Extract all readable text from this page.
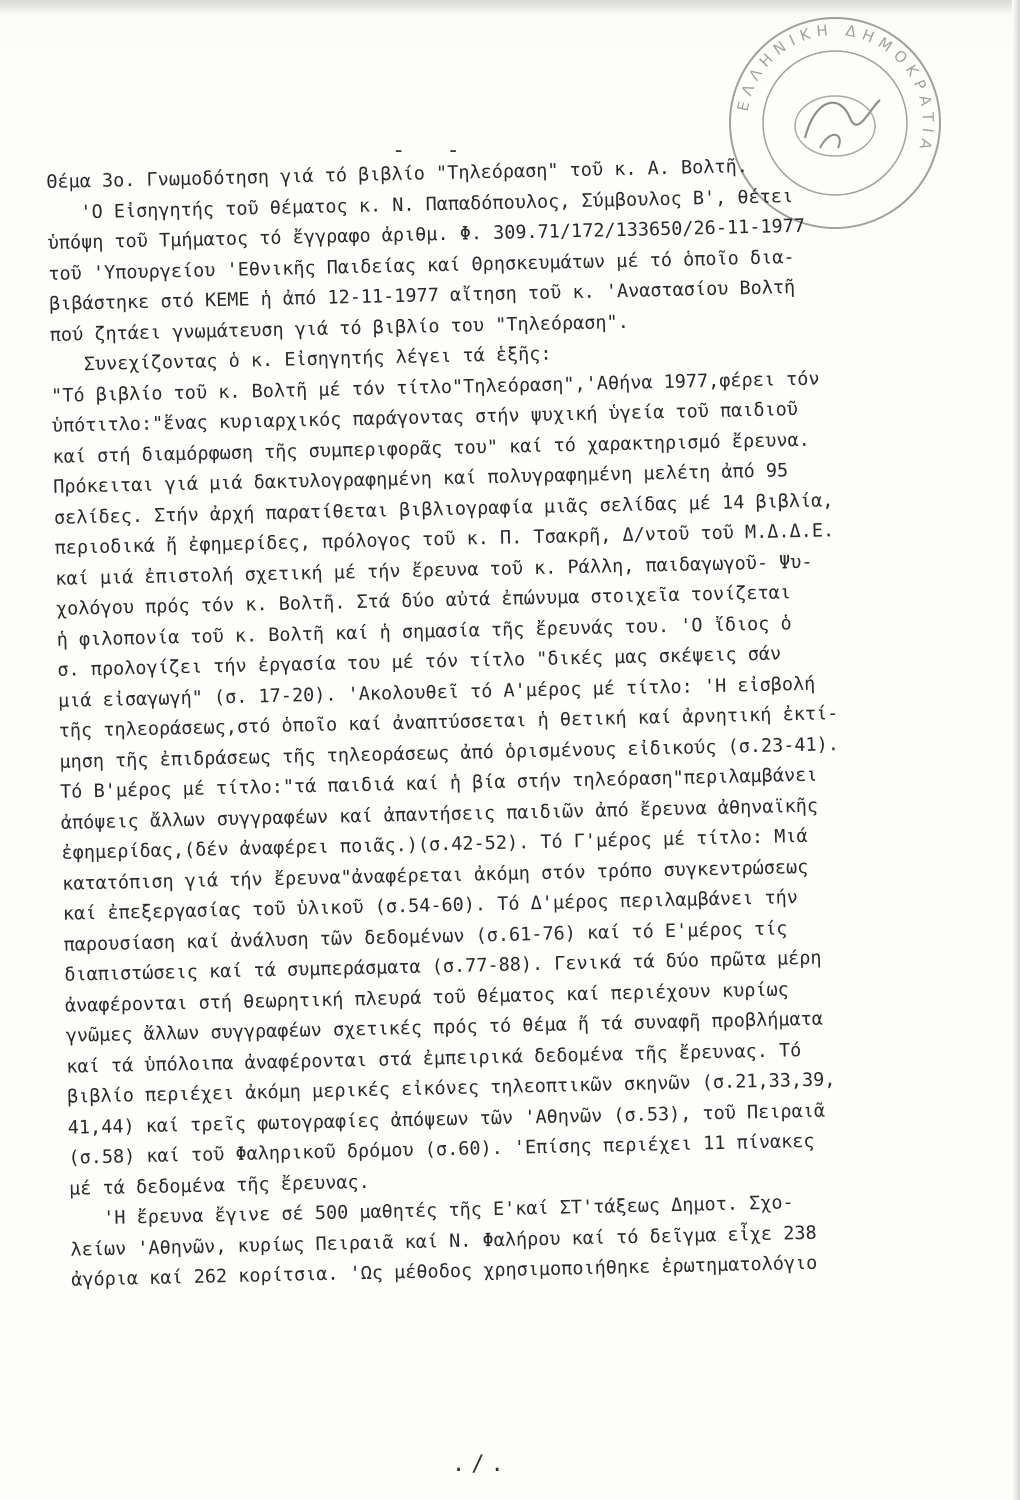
ΕΛΛΗΝΙΚΗ ΔΗΜΟΚΡΑΤΙΑ
- -
Θέμα 3ο. Γνωμοδότηση γιά τό βιβλίο "Τηλεόραση" τοῦ κ. Α. Βολτῆ.
'Ο Εἰσηγητής τοῦ θέματος κ. Ν. Παπαδόπουλος, Σύμβουλος Β', θέτει
ὑπόψη τοῦ Τμήματος τό ἔγγραφο ἀριθμ. Φ. 309.71/172/133650/26-11-1977
τοῦ 'Υπουργείου 'Εθνικῆς Παιδείας καί Θρησκευμάτων μέ τό ὁποῖο δια-
βιβάστηκε στό ΚΕΜΕ ἡ ἀπό 12-11-1977 αἴτηση τοῦ κ. 'Αναστασίου Βολτῆ
πού ζητάει γνωμάτευση γιά τό βιβλίο του "Τηλεόραση".
Συνεχίζοντας ὁ κ. Εἰσηγητής λέγει τά ἑξῆς:
"Τό βιβλίο τοῦ κ. Βολτῆ μέ τόν τίτλο"Τηλεόραση",'Αθήνα 1977,φέρει τόν
ὑπότιτλο:"ἕνας κυριαρχικός παράγοντας στήν ψυχική ὑγεία τοῦ παιδιοῦ
καί στή διαμόρφωση τῆς συμπεριφορᾶς του" καί τό χαρακτηρισμό ἔρευνα.
Πρόκειται γιά μιά δακτυλογραφημένη καί πολυγραφημένη μελέτη ἀπό 95
σελίδες. Στήν ἀρχή παρατίθεται βιβλιογραφία μιᾶς σελίδας μέ 14 βιβλία,
περιοδικά ἤ ἐφημερίδες, πρόλογος τοῦ κ. Π. Τσακρῆ, Δ/ντοῦ τοῦ Μ.Δ.Δ.Ε.
καί μιά ἐπιστολή σχετική μέ τήν ἔρευνα τοῦ κ. Ράλλη, παιδαγωγοῦ- Ψυ-
χολόγου πρός τόν κ. Βολτῆ. Στά δύο αὐτά ἐπώνυμα στοιχεῖα τονίζεται
ἡ φιλοπονία τοῦ κ. Βολτῆ καί ἡ σημασία τῆς ἔρευνάς του. 'Ο ἴδιος ὁ
σ. προλογίζει τήν ἐργασία του μέ τόν τίτλο "δικές μας σκέψεις σάν
μιά εἰσαγωγή" (σ. 17-20). 'Ακολουθεῖ τό Α'μέρος μέ τίτλο: 'Η εἰσβολή
τῆς τηλεοράσεως,στό ὁποῖο καί ἀναπτύσσεται ἡ θετική καί ἀρνητική ἐκτί-
μηση τῆς ἐπιδράσεως τῆς τηλεοράσεως ἀπό ὁρισμένους εἰδικούς (σ.23-41).
Τό Β'μέρος μέ τίτλο:"τά παιδιά καί ἡ βία στήν τηλεόραση"περιλαμβάνει
ἀπόψεις ἄλλων συγγραφέων καί ἀπαντήσεις παιδιῶν ἀπό ἔρευνα ἀθηναϊκῆς
ἐφημερίδας,(δέν ἀναφέρει ποιᾶς.)(σ.42-52). Τό Γ'μέρος μέ τίτλο: Μιά
κατατόπιση γιά τήν ἔρευνα"ἀναφέρεται ἀκόμη στόν τρόπο συγκεντρώσεως
καί ἐπεξεργασίας τοῦ ὑλικοῦ (σ.54-60). Τό Δ'μέρος περιλαμβάνει τήν
παρουσίαση καί ἀνάλυση τῶν δεδομένων (σ.61-76) καί τό Ε'μέρος τίς
διαπιστώσεις καί τά συμπεράσματα (σ.77-88). Γενικά τά δύο πρῶτα μέρη
ἀναφέρονται στή θεωρητική πλευρά τοῦ θέματος καί περιέχουν κυρίως
γνῶμες ἄλλων συγγραφέων σχετικές πρός τό θέμα ἤ τά συναφῆ προβλήματα
καί τά ὑπόλοιπα ἀναφέρονται στά ἐμπειρικά δεδομένα τῆς ἔρευνας. Τό
βιβλίο περιέχει ἀκόμη μερικές εἰκόνες τηλεοπτικῶν σκηνῶν (σ.21,33,39,
41,44) καί τρεῖς φωτογραφίες ἀπόψεων τῶν 'Αθηνῶν (σ.53), τοῦ Πειραιᾶ
(σ.58) καί τοῦ Φαληρικοῦ δρόμου (σ.60). 'Επίσης περιέχει 11 πίνακες
μέ τά δεδομένα τῆς ἔρευνας.
'Η ἔρευνα ἔγινε σέ 500 μαθητές τῆς Ε'καί ΣΤ'τάξεως Δημοτ. Σχο-
λείων 'Αθηνῶν, κυρίως Πειραιᾶ καί Ν. Φαλήρου καί τό δεῖγμα εἶχε 238
ἀγόρια καί 262 κορίτσια. 'Ως μέθοδος χρησιμοποιήθηκε ἐρωτηματολόγιο
./.
